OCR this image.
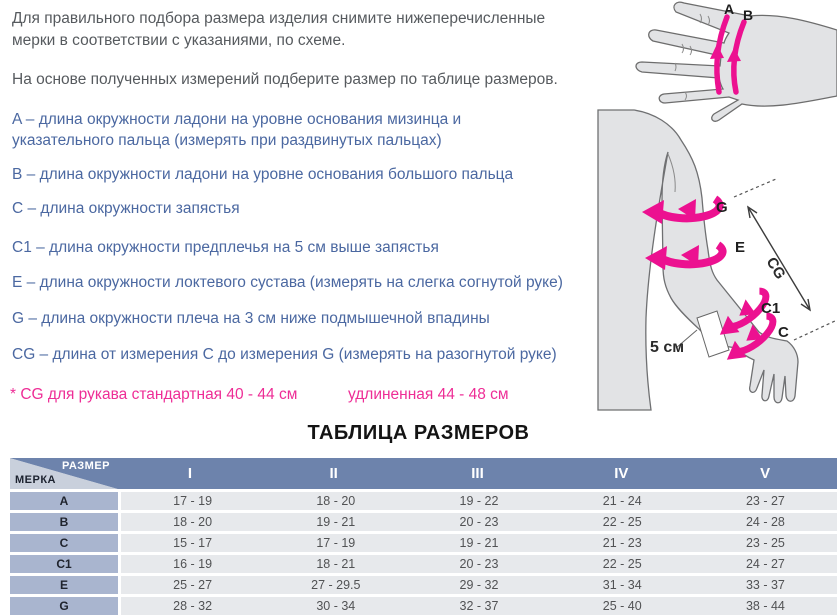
Для правильного подбора размера изделия снимите нижеперечисленные мерки в соответствии с указаниями, по схеме.
На основе полученных измерений подберите размер по таблице размеров.
A – длина окружности ладони на уровне основания мизинца и указательного пальца (измерять при раздвинутых пальцах)
B – длина окружности ладони на уровне основания большого пальца
C – длина окружности запястья
C1 – длина окружности предплечья на 5 см выше запястья
E – длина окружности локтевого сустава (измерять на слегка согнутой руке)
G – длина окружности плеча на 3 см ниже подмышечной впадины
CG – длина от измерения C до измерения G (измерять на разогнутой руке)
* CG для рукава стандартная 40 - 44 см	удлиненная 44 - 48 см
ТАБЛИЦА РАЗМЕРОВ
A B
G
E
C1
C
CG
5 см
РАЗМЕР
МЕРКА	I	II	III	IV	V
A	17 - 19	18 - 20	19 - 22	21 - 24	23 - 27
B	18 - 20	19 - 21	20 - 23	22 - 25	24 - 28
C	15 - 17	17 - 19	19 - 21	21 - 23	23 - 25
C1	16 - 19	18 - 21	20 - 23	22 - 25	24 - 27
E	25 - 27	27 - 29.5	29 - 32	31 - 34	33 - 37
G	28 - 32	30 - 34	32 - 37	25 - 40	38 - 44
